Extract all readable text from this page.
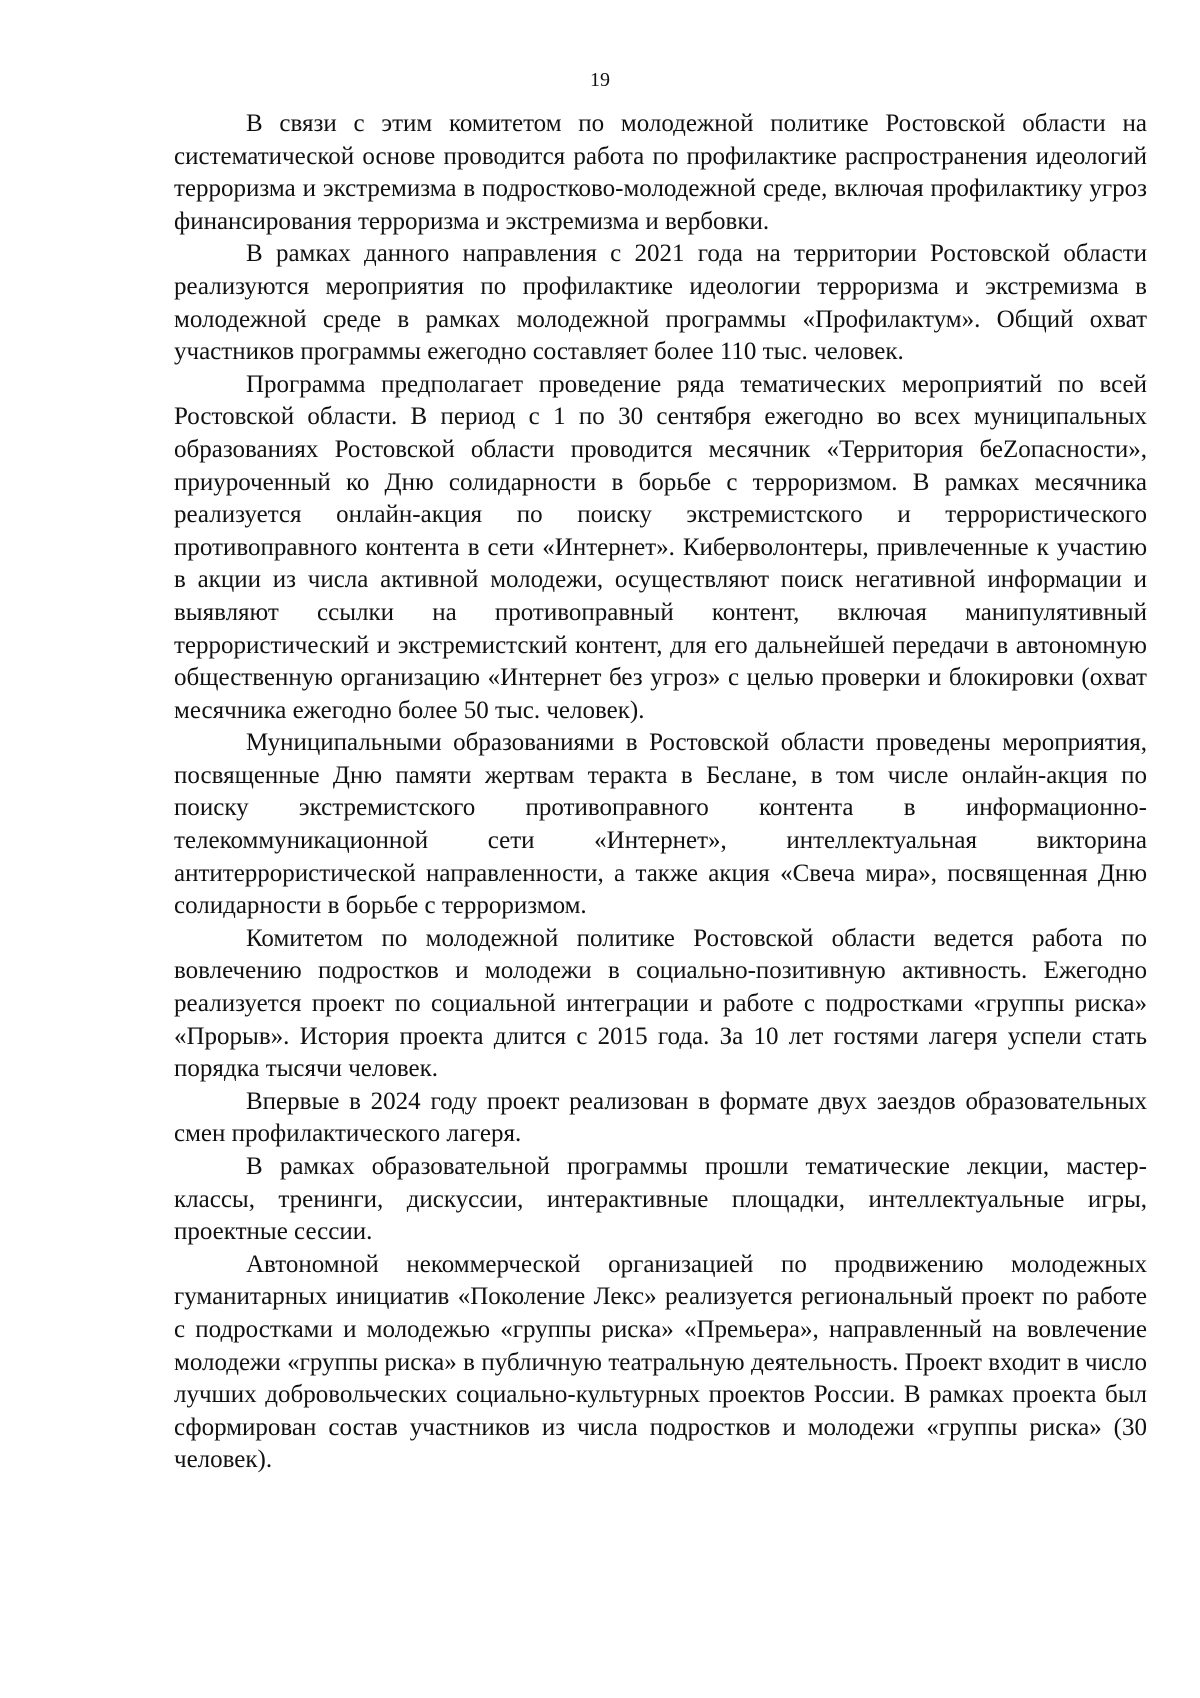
19

В связи с этим комитетом по молодежной политике Ростовской области на систематической основе проводится работа по профилактике распространения идеологий терроризма и экстремизма в подростково-молодежной среде, включая профилактику угроз финансирования терроризма и экстремизма и вербовки.

В рамках данного направления с 2021 года на территории Ростовской области реализуются мероприятия по профилактике идеологии терроризма и экстремизма в молодежной среде в рамках молодежной программы «Профилактум». Общий охват участников программы ежегодно составляет более 110 тыс. человек.

Программа предполагает проведение ряда тематических мероприятий по всей Ростовской области. В период с 1 по 30 сентября ежегодно во всех муниципальных образованиях Ростовской области проводится месячник «Территория беZопасности», приуроченный ко Дню солидарности в борьбе с терроризмом. В рамках месячника реализуется онлайн-акция по поиску экстремистского и террористического противоправного контента в сети «Интернет». Киберволонтеры, привлеченные к участию в акции из числа активной молодежи, осуществляют поиск негативной информации и выявляют ссылки на противоправный контент, включая манипулятивный террористический и экстремистский контент, для его дальнейшей передачи в автономную общественную организацию «Интернет без угроз» с целью проверки и блокировки (охват месячника ежегодно более 50 тыс. человек).

Муниципальными образованиями в Ростовской области проведены мероприятия, посвященные Дню памяти жертвам теракта в Беслане, в том числе онлайн-акция по поиску экстремистского противоправного контента в информационно-телекоммуникационной сети «Интернет», интеллектуальная викторина антитеррористической направленности, а также акция «Свеча мира», посвященная Дню солидарности в борьбе с терроризмом.

Комитетом по молодежной политике Ростовской области ведется работа по вовлечению подростков и молодежи в социально-позитивную активность. Ежегодно реализуется проект по социальной интеграции и работе с подростками «группы риска» «Прорыв». История проекта длится с 2015 года. За 10 лет гостями лагеря успели стать порядка тысячи человек.

Впервые в 2024 году проект реализован в формате двух заездов образовательных смен профилактического лагеря.

В рамках образовательной программы прошли тематические лекции, мастер-классы, тренинги, дискуссии, интерактивные площадки, интеллектуальные игры, проектные сессии.

Автономной некоммерческой организацией по продвижению молодежных гуманитарных инициатив «Поколение Лекс» реализуется региональный проект по работе с подростками и молодежью «группы риска» «Премьера», направленный на вовлечение молодежи «группы риска» в публичную театральную деятельность. Проект входит в число лучших добровольческих социально-культурных проектов России. В рамках проекта был сформирован состав участников из числа подростков и молодежи «группы риска» (30 человек).
